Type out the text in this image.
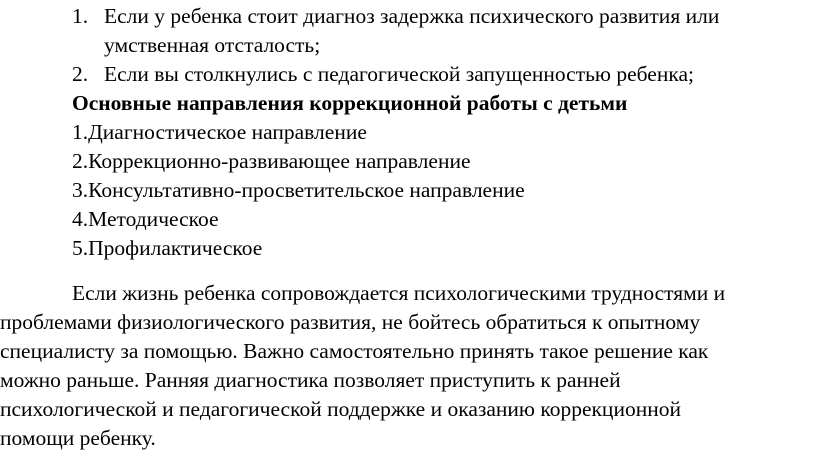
1. Если у ребенка стоит диагноз задержка психического развития или
умственная отсталость;
2. Если вы столкнулись с педагогической запущенностью ребенка;
Основные направления коррекционной работы с детьми
1.Диагностическое направление
2.Коррекционно-развивающее направление
3.Консультативно-просветительское направление
4.Методическое
5.Профилактическое
Если жизнь ребенка сопровождается психологическими трудностями и
проблемами физиологического развития, не бойтесь обратиться к опытному
специалисту за помощью. Важно самостоятельно принять такое решение как
можно раньше. Ранняя диагностика позволяет приступить к ранней
психологической и педагогической поддержке и оказанию коррекционной
помощи ребенку.
